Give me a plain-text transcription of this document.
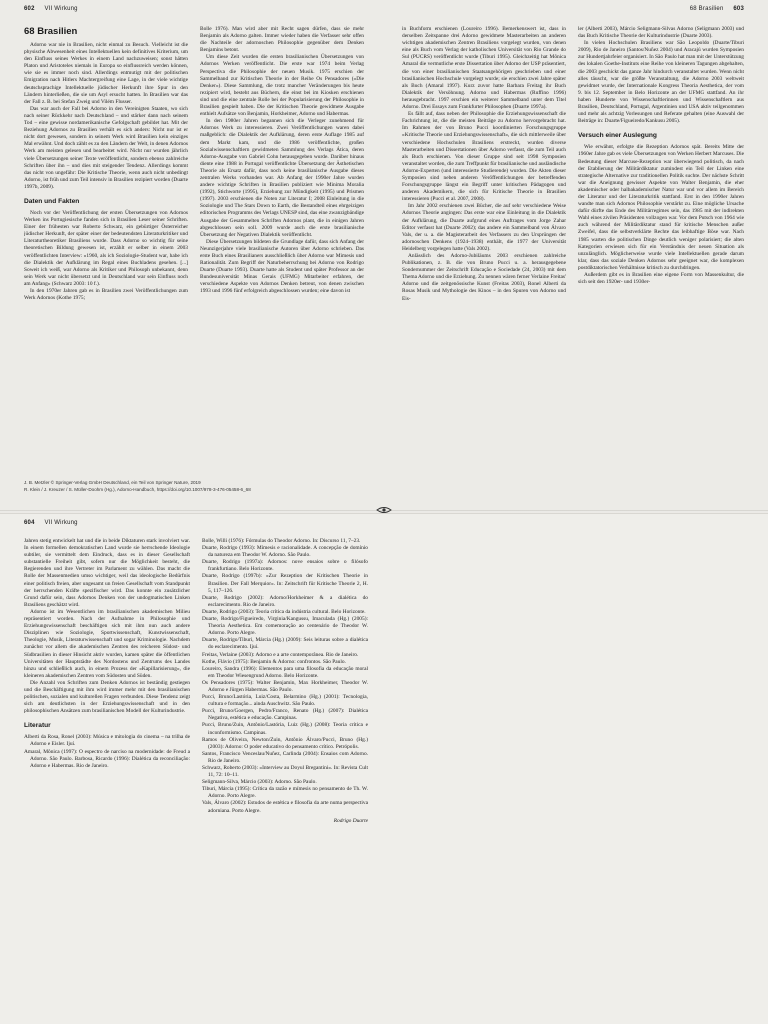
602 VII Wirkung	68 Brasilien 603
68 Brasilien

Adorno war nie in Brasilien, nicht einmal zu Besuch. Vielleicht ist die physische Abwesenheit eines Intellektuellen kein definitives Kriterium, um den Einfluss seines Werkes in einem Land nachzuweisen; sonst hätten Platon und Aristoteles niemals in Europa so einflussreich werden können, wie sie es immer noch sind. Allerdings entmutigt mit der politischen Emigration nach Hitlers Machtergreifung eine Lage, in der viele wichtige deutschsprachige Intellektuelle jüdischer Herkunft ihre Spur in den Ländern hinterließen, die sie um Asyl ersucht hatten. In Brasilien war das der Fall z. B. bei Stefan Zweig und Vilém Flusser.

Das war auch der Fall bei Adorno in den Vereinigten Staaten, wo sich nach seiner Rückkehr nach Deutschland – und stärker dann nach seinem Tod – eine gewisse nordamerikanische Gefolgschaft gebildet hat. Mit der Beziehung Adornos zu Brasilien verhält es sich anders: Nicht nur ist er nicht dort gewesen, sondern in seinem Werk wird Brasilien kein einziges Mal erwähnt. Und doch zählt es zu den Ländern der Welt, in denen Adornos Werk am meisten gelesen und bearbeitet wird. Nicht nur wurden jährlich viele Übersetzungen seiner Texte veröffentlicht, sondern ebenso zahlreiche Schriften über ihn – und dies mit steigender Tendenz. Allerdings kommt das nicht von ungefähr: Die Kritische Theorie, wenn auch nicht unbedingt Adorno, ist früh und zum Teil intensiv in Brasilien rezipiert worden (Duarte 1997b, 2009).

Daten und Fakten

Noch vor der Veröffentlichung der ersten Übersetzungen von Adornos Werken ins Portugiesische fanden sich in Brasilien Leser seiner Schriften. Einer der frühesten war Roberto Schwarz, ein gebürtiger Österreicher jüdischer Herkunft, der später einer der bedeutendsten Literaturkritiker und Literaturtheoretiker Brasiliens wurde. Dass Adorno so wichtig für seine theoretischen Bildung gewesen ist, erzählt er selber in einem 2003 veröffentlichten Interview: »1960, als ich Soziologie-Student war, habe ich die Dialektik der Aufklärung im Regal eines Buchladens gesehen. [...] Soweit ich weiß, war Adorno als Kritiker und Philosoph unbekannt, denn sein Werk war nicht übersetzt und in Deutschland war sein Einfluss noch am Anfang« (Schwarz 2003: 10 f.).

In den 1970er Jahren gab es in Brasilien zwei Veröffentlichungen zum Werk Adornos (Kothe 1975;

Bolle 1976). Man wird aber mit Recht sagen dürfen, dass sie mehr Benjamin als Adorno galten. Immer wieder haben die Verfasser sehr offen die Nachteile der adornoschen Philosophie gegenüber dem Denken Benjamins betont.

Um diese Zeit wurden die ersten brasilianischen Übersetzungen von Adornos Werken veröffentlicht. Die erste war 1974 beim Verlag Perspectiva die Philosophie der neuen Musik. 1975 erschien der Sammelband zur Kritischen Theorie in der Reihe Os Pensadores (»Die Denker«). Diese Sammlung, die trotz mancher Veränderungen bis heute rezipiert wird, besteht aus Büchern, die einst bei im Kiosken erschienen sind und die eine zentrale Rolle bei der Popularisierung der Philosophie in Brasilien gespielt haben. Die der Kritischen Theorie gewidmete Ausgabe enthielt Aufsätze von Benjamin, Horkheimer, Adorno und Habermas.

In den 1980er Jahren begannen sich die Verleger zunehmend für Adornos Werk zu interessieren. Zwei Veröffentlichungen waren dabei maßgeblich: die Dialektik der Aufklärung, deren erste Auflage 1985 auf dem Markt kam, und die 1986 veröffentlichte, großen Sozialwissenschaftlern gewidmeten Sammlung des Verlags Ática, deren Adorno-Ausgabe von Gabriel Cohn herausgegeben wurde. Darüber hinaus diente eine 1988 in Portugal veröffentlichte Übersetzung der Ästhetischen Theorie als Ersatz dafür, dass noch keine brasilianische Ausgabe dieses zentralen Werks vorhanden war. Ab Anfang der 1990er Jahre wurden andere wichtige Schriften in Brasilien publiziert wie Minima Moralia (1992), Stichworte (1995), Erziehung zur Mündigkeit (1995) und Prismen (1997). 2003 erschienen die Noten zur Literatur I; 2008 Einleitung in die Soziologie und The Stars Down to Earth, die Bestandteil eines ehrgeizigen editorischen Programms des Verlags UNESP sind, das eine zwanzigbändige Ausgabe der Gesammelten Schriften Adornos plant, die in einigen Jahren abgeschlossen sein soll. 2009 wurde auch die erste brasilianische Übersetzung der Negativen Dialektik veröffentlicht.

Diese Übersetzungen bildeten die Grundlage dafür, dass sich Anfang der Neunzigerjahre viele brasilianische Autoren über Adorno schrieben. Das erste Buch eines Brasilianers ausschließlich über Adorno war Mimesis und Rationalität. Zum Begriff der Naturbeherrschung bei Adorno von Rodrigo Duarte (Duarte 1993). Duarte hatte als Student und später Professor an der Bundesuniversität Minas Gerais (UFMG) Mitarbeiter erfahren, der verschiedene Aspekte von Adornos Denken betreut, von denen zwischen 1993 und 1996 fünf erfolgreich abgeschlossen wurden; eine davon ist

in Buchform erschienen (Loureiro 1996). Bemerkenswert ist, dass in derselben Zeitspanne drei Adorno gewidmete Masterarbeiten an anderen wichtigen akademischen Zentren Brasiliens vorgelegt wurden, von denen eine als Buch vom Verlag der katholischen Universität von Rio Grande do Sul (PUCRS) veröffentlicht wurde (Tiburi 1995). Gleichzeitig hat Mônica Amaral die vermutliche erste Dissertation über Adorno der USP präsentiert, die von einer brasilianischen Staatsangehörigen geschrieben und einer brasilianischen Hochschule vorgelegt wurde; sie erschien zwei Jahre später als Buch (Amaral 1997). Kurz zuvor hatte Barbara Freitag ihr Buch Dialektik der Versöhnung. Adorno und Habermas (Ruffino 1996) herausgebracht. 1997 erschien ein weiterer Sammelband unter dem Titel Adorno. Drei Essays zum Frankfurter Philosophen (Duarte 1997a).

Es fällt auf, dass neben der Philosophie die Erziehungswissenschaft die Fachrichtung ist, die die meisten Beiträge zu Adorno hervorgebracht hat. Im Rahmen der von Bruno Pucci koordinierten Forschungsgruppe »Kritische Theorie und Erziehungswissenschaft«, die sich mittlerweile über verschiedene Hochschulen Brasiliens erstreckt, wurden diverse Masterarbeiten und Dissertationen über Adorno verfasst, die zum Teil auch als Buch erschienen. Von dieser Gruppe sind seit 1998 Symposien veranstaltet worden, die zum Treffpunkt für brasilianische und ausländische Adorno-Experten (und interessierte Studierende) wurden. Die Akten dieser Symposien sind neben anderen Veröffentlichungen der betreffenden Forschungsgruppe längst ein Begriff unter kritischen Pädagogen und anderen Akademikern, die sich für Kritische Theorie in Brasilien interessieren (Pucci et al. 2007, 2008).

Im Jahr 2002 erschienen zwei Bücher, die auf sehr verschiedene Weise Adornos Theorie angingen: Das erste war eine Einleitung in die Dialektik der Aufklärung, die Duarte aufgrund eines Auftrages vom Jorge Zahar Editor verfasst hat (Duarte 2002); das andere ein Sammelband von Álvaro Vals, der u. a. die Magisterarbeit des Verfassers zu den Ursprüngen der adornoschen Denkens (1924–1938) enthält, die 1977 der Universität Heidelberg vorgelegen hatte (Vals 2002).

Anlässlich des Adorno-Jubiläums 2003 erschienen zahlreiche Publikationen, z. B. die von Bruno Pucci u. a. herausgegebene Sondernummer der Zeitschrift Educação e Sociedade (24, 2003) mit dem Thema Adorno und die Erziehung. Zu nennen wären ferner Verlaine Freitas' Adorno und die zeitgenössische Kunst (Freitas 2003), Ronel Alberti da Rosas Musik und Mythologie des Kinos – in den Spuren von Adorno und Eis-

ler (Alberti 2003), Márcio Seligmann-Silvas Adorno (Seligmann 2003) und das Buch Kritische Theorie der Kulturindustrie (Duarte 2003).

In vielen Hochschulen Brasiliens war São Leopoldo (Duarte/Tiburi 2009), Rio de Janeiro (Santos/Nuñez 2004) und Aracajú wurden Symposien zur Hundertjahrfeier organisiert. In São Paulo hat man mit der Unterstützung des lokalen Goethe-Instituts eine Reihe von kleineren Tagungen abgehalten, die 2003 geschickt das ganze Jahr hindurch veranstaltet wurden. Wenn nicht alles täuscht, war die größte Veranstaltung, die Adorno 2003 weltweit gewidmet wurde, der Internationale Kongress Theoria Aesthetica, der vom 9. bis 12. September in Belo Horizonte an der UFMG stattfand. An ihr haben Hunderte von Wissenschaftlerinnen und Wissenschaftlern aus Brasilien, Deutschland, Portugal, Argentinien und USA aktiv teilgenommen und mehr als achtzig Vorlesungen und Referate gehalten (eine Auswahl der Beiträge in: Duarte/Figueiredo/Kankusu 2005).

Versuch einer Auslegung

Wie erwähnt, erfolgte die Rezeption Adornos spät. Bereits Mitte der 1960er Jahre gab es viele Übersetzungen von Werken Herbert Marcuses. Die Bedeutung dieser Marcuse-Rezeption war überwiegend politisch, da nach der Etablierung der Militärdiktatur zumindest ein Teil der Linken eine strategische Alternative zur traditionellen Politik suchte. Der nächste Schritt war die Aneignung gewisser Aspekte von Walter Benjamin, die eher akademischer oder halbakademischer Natur war und vor allem im Bereich der Literatur und der Literaturkritik stattfand. Erst in den 1990er Jahren wandte man sich Adornos Philosophie verstärkt zu. Eine mögliche Ursache dafür dürfte das Ende des Militärregimes sein, das 1985 mit der indirekten Wahl eines zivilen Präsidenten vollzogen war. Vor dem Putsch von 1964 wie auch während der Militärdiktatur stand für kritische Menschen außer Zweifel, dass die selbstverklärte Rechte das leibhaftige Böse war. Nach 1985 warten die politischen Dinge deutlich weniger polarisiert; die alten Kategorien erwiesen sich für ein Verständnis der neuen Situation als unzulänglich. Möglicherweise wurde viele Intellektuellen gerade darum klar, dass das soziale Denken Adornos sehr geeignet war, die komplexen postdiktatorischen Verhältnisse kritisch zu durchdringen.

Außerdem gibt es in Brasilien eine eigene Form von Massenkultur, die sich seit den 1920er- und 1930er-

J. B. Metzler © Springer-Verlag GmbH Deutschland, ein Teil von Springer Nature, 2019
R. Klein / J. Kreuzer / S. Müller-Doohm (Hg.), Adorno-Handbuch, https://doi.org/10.1007/978-3-476-05458-6_68
604 VII Wirkung

Jahren stetig entwickelt hat und die in beide Diktaturen stark involviert war. In einem formellen demokratischen Land wurde sie herrschende Ideologie subtiler, sie vermittelt dem Eindruck, dass es in dieser Gesellschaft substantielle Freiheit gibt, sofern nur die Möglichkeit besteht, die Regierenden und ihre Vertreter im Parlament zu wählen. Das macht die Rolle der Massenmedien umso wichtiger, weil das ideologische Bedürfnis einer politisch freien, aber ungesamt un freien Gesellschaft vom Standpunkt der herrschenden Kräfte spezifischer wird. Das konnte ein zusätzlicher Grund dafür sein, dass Adornos Denken von der undogmatischen Linken Brasiliens geschätzt wird.

Adorno ist im Wesentlichen im brasilianischen akademischen Milieu repräsentiert worden. Nach der Aufnahme in Philosophie und Erziehungswissenschaft beschäftigen sich mit ihm nun auch andere Disziplinen wie Soziologie, Sportwissenschaft, Kunstwissenschaft, Theologie, Musik, Literaturwissenschaft und sogar Kriminologie. Nachdem zunächst vor allem die akademischen Zentren des reicheren Südost- und Südbrasilien in dieser Hinsicht aktiv wurden, kamen später die öffentlichen Universitäten der Hauptstädte des Nordostens und Zentrums des Landes hinzu und schließlich auch, in einem Prozess der »Kapillarisierung«, die kleineren akademischen Zentren vom Südosten und Süden.

Die Anzahl von Schriften zum Denken Adornos ist beständig gestiegen und die Beschäftigung mit ihm wird immer mehr mit den brasilianischen politischen, sozialen und kulturellen Fragen verbunden. Diese Tendenz zeigt sich am deutlichsten in der Erziehungswissenschaft und in den philosophischen Ansätzen zum brasilianischen Modell der Kulturindustrie.

Literatur

Alberti da Rosa, Ronel (2003): Música e mitologia do cinema – na trilha de Adorno e Eisler. Ijuí.

Amaral, Mônica (1997): O espectro de narciso na modernidade: de Freud a Adorno. São Paulo. Barbosa, Ricardo (1996): Dialética da reconciliação: Adorno e Habermas. Rio de Janeiro.

Bolle, Willi (1976): Fórmulas do Theodor Adorno. In: Discurso 11, 7–23.

Duarte, Rodrigo (1993): Mímesis e racionalidade. A concepção de domínio da natureza em Theodor W. Adorno. São Paulo.

Duarte, Rodrigo (1997a): Adornos: nove ensaios sobre o filósofo frankfurtiano. Belo Horizonte.

Duarte, Rodrigo (1997b): »Zur Rezeption der Kritischen Theorie in Brasilien. Der Fall Merquior«. In: Zeitschrift für Kritische Theorie 2, H. 5, 117–126.

Duarte, Rodrigo (2002): Adorno/Horkheimer & a dialética do esclarecimento. Rio de Janeiro.

Duarte, Rodrigo (2003): Teoria crítica da indústria cultural. Belo Horizonte.

Duarte, Rodrigo/Figueiredo, Virginia/Kangussu, Imaculada (Hg.) (2005): Theoria Aesthetica. Em comemoração ao centenário de Theodor W. Adorno. Porto Alegre.

Duarte, Rodrigo/Tiburi, Márcia (Hg.) (2009): Seis leituras sobre a dialética do esclarecimento. Ijuí.

Freitas, Verlaine (2003): Adorno e a arte contemporânea. Rio de Janeiro.

Kothe, Flávio (1975): Benjamin & Adorno: confrontos. São Paulo.

Loureiro, Sandra (1996): Elementos para uma filosofia da educação moral em Theodor Wiesengrund Adorno. Belo Horizonte.

Os Pensadores (1975): Walter Benjamin, Max Horkheimer, Theodor W. Adorno e Jürgen Habermas. São Paulo.

Pucci, Bruno/Lastória, Luiz/Costa, Belarmino (Hg.) (2001): Tecnologia, cultura e formação... ainda Auschwitz. São Paulo.

Pucci, Bruno/Goergen, Pedro/Franco, Renato (Hg.) (2007): Dialética Negativa, estética e educação. Campinas.

Pucci, Bruno/Zuin, Antônio/Lastória, Luiz (Hg.) (2008): Teoria crítica e inconformismo. Campinas.

Ramos de Oliveira, Newton/Zuin, Antônio Álvaro/Pucci, Bruno (Hg.) (2003): Adorno: O poder educativo do pensamento crítico. Petrópolis.

Santos, Francisco Venceslau/Nuñez, Carlinda (2004): Ensaios com Adorno. Rio de Janeiro.

Schwarz, Roberto (2003): »Interview au Doyul Bregantini«. In: Revista Cult 11, 72: 10–11.

Seligmann-Silva, Márcio (2003): Adorno. São Paulo.

Tiburi, Márcia (1995): Crítica da razão e mímesis no pensamento de Th. W. Adorno. Porto Alegre.

Vals, Álvaro (2002): Estudos de estética e filosofia da arte numa perspectiva adorniana. Porto Alegre.

Rodrigo Duarte
